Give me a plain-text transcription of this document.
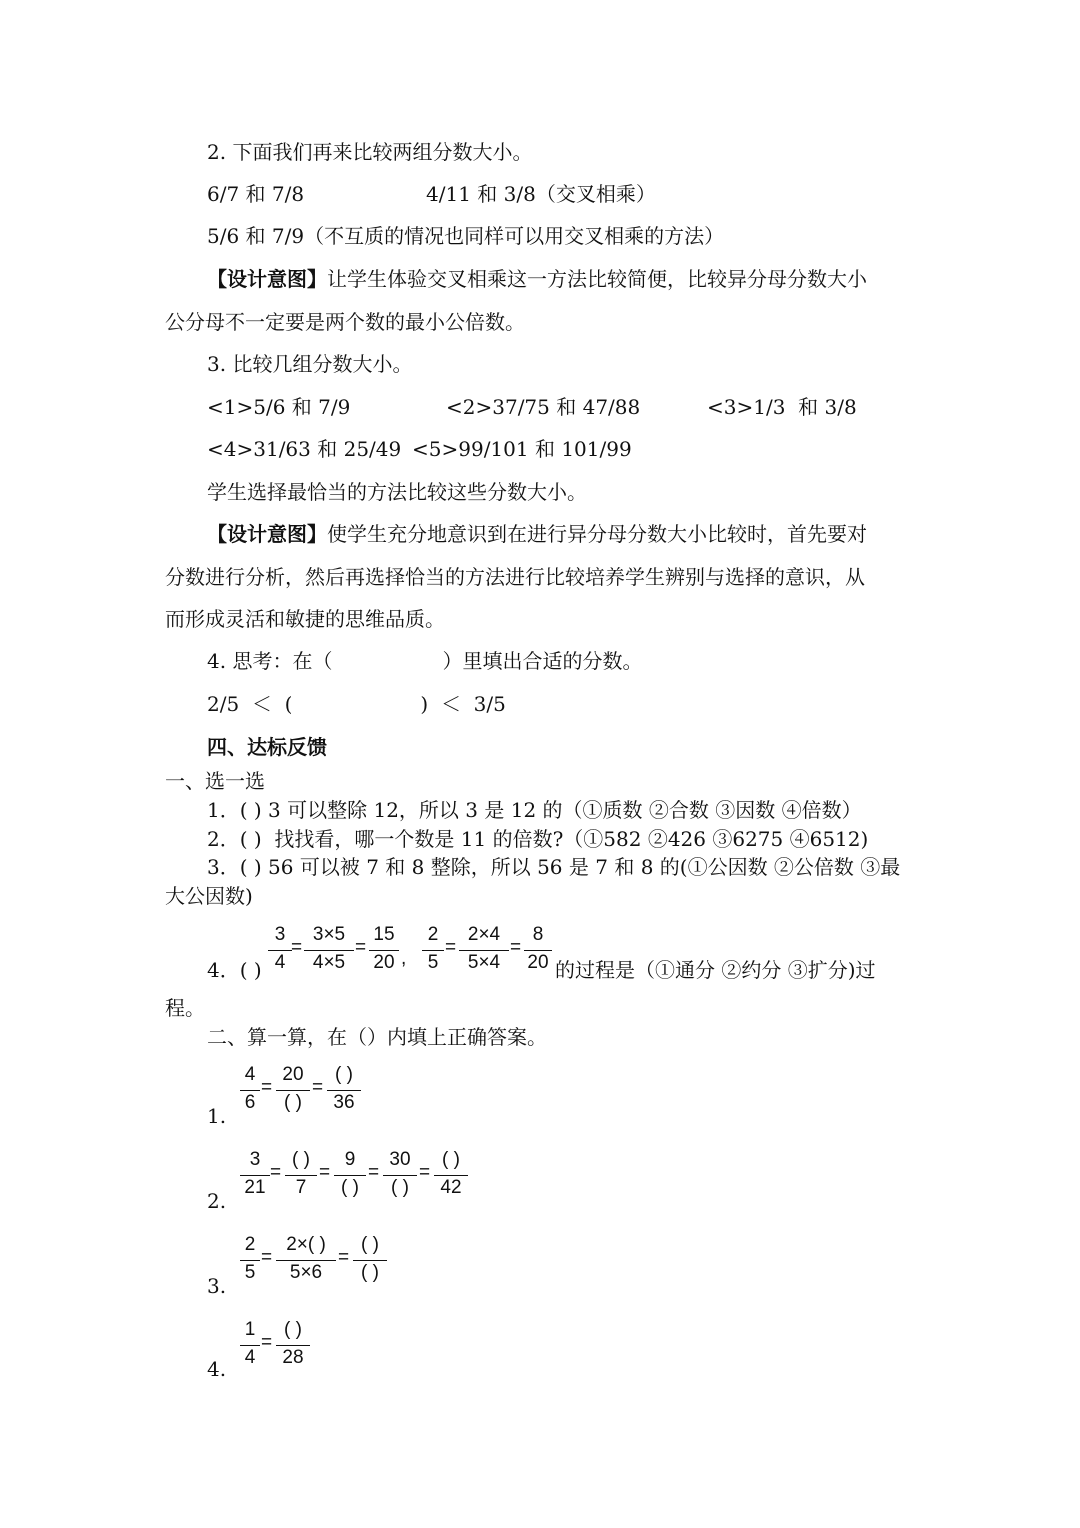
2. 下面我们再来比较两组分数大小。
6/7 和 7/8	4/11 和 3/8（交叉相乘）
5/6 和 7/9（不互质的情况也同样可以用交叉相乘的方法）
【设计意图】让学生体验交叉相乘这一方法比较简便，比较异分母分数大小
公分母不一定要是两个数的最小公倍数。
3. 比较几组分数大小。
<1>5/6 和 7/9	<2>37/75 和 47/88	<3>1/3  和 3/8
<4>31/63 和 25/49 <5>99/101 和 101/99
学生选择最恰当的方法比较这些分数大小。
【设计意图】使学生充分地意识到在进行异分母分数大小比较时，首先要对
分数进行分析，然后再选择恰当的方法进行比较培养学生辨别与选择的意识，从
而形成灵活和敏捷的思维品质。
4. 思考：在（	）里填出合适的分数。
2/5  ＜  (	)  ＜  3/5
四、达标反馈
一、选一选
1．( ) 3 可以整除 12，所以 3 是 12 的（①质数 ②合数 ③因数 ④倍数）
2．( )  找找看，哪一个数是 11 的倍数?（①582 ②426 ③6275 ④6512)
3．( ) 56 可以被 7 和 8 整除，所以 56 是 7 和 8 的(①公因数 ②公倍数 ③最
大公因数)
4．( )
3
4
=
3×5
4×5
=
15
20 ,
2
5
=
2×4
5×4
=
8
20 的过程是（①通分 ②约分 ③扩分)过
程。
二、算一算，在（）内填上正确答案。
1.
4
6
=
20
( )
=
( )
36
2.
3
21
=
( )
7
=
9
( )
=
30
( )
=
( )
42
3.
2
5
=
2×( )
5×6
=
( )
( )
4.
1
4
=
( )
28
